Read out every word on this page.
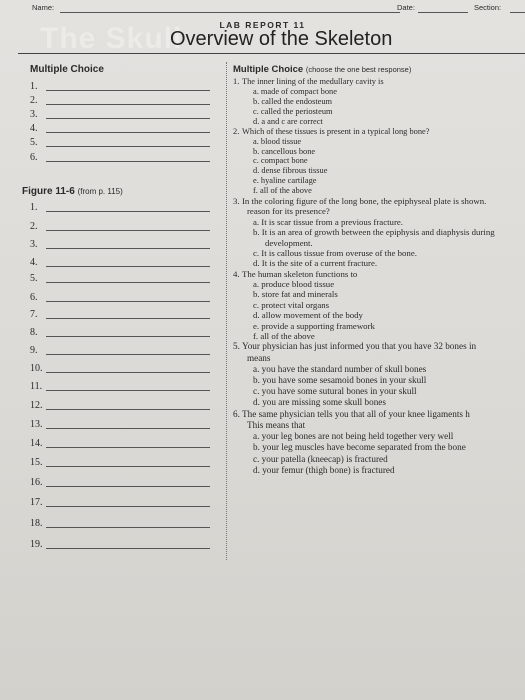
Name:	Date:	Section:
The Skull	LAB REPORT 11
Overview of the Skeleton
Multiple Choice
1.
2.
3.
4.
5.
6.
Figure 11-6 (from p. 115)
1.
2.
3.
4.
5.
6.
7.
8.
9.
10.
11.
12.
13.
14.
15.
16.
17.
18.
19.
Multiple Choice (choose the one best response)
1. The inner lining of the medullary cavity is
a. made of compact bone
b. called the endosteum
c. called the periosteum
d. a and c are correct
2. Which of these tissues is present in a typical long bone?
a. blood tissue
b. cancellous bone
c. compact bone
d. dense fibrous tissue
e. hyaline cartilage
f. all of the above
3. In the coloring figure of the long bone, the epiphyseal plate is shown.
reason for its presence?
a. It is scar tissue from a previous fracture.
b. It is an area of growth between the epiphysis and diaphysis during
development.
c. It is callous tissue from overuse of the bone.
d. It is the site of a current fracture.
4. The human skeleton functions to
a. produce blood tissue
b. store fat and minerals
c. protect vital organs
d. allow movement of the body
e. provide a supporting framework
f. all of the above
5. Your physician has just informed you that you have 32 bones in
means
a. you have the standard number of skull bones
b. you have some sesamoid bones in your skull
c. you have some sutural bones in your skull
d. you are missing some skull bones
6. The same physician tells you that all of your knee ligaments h
This means that
a. your leg bones are not being held together very well
b. your leg muscles have become separated from the bone
c. your patella (kneecap) is fractured
d. your femur (thigh bone) is fractured
